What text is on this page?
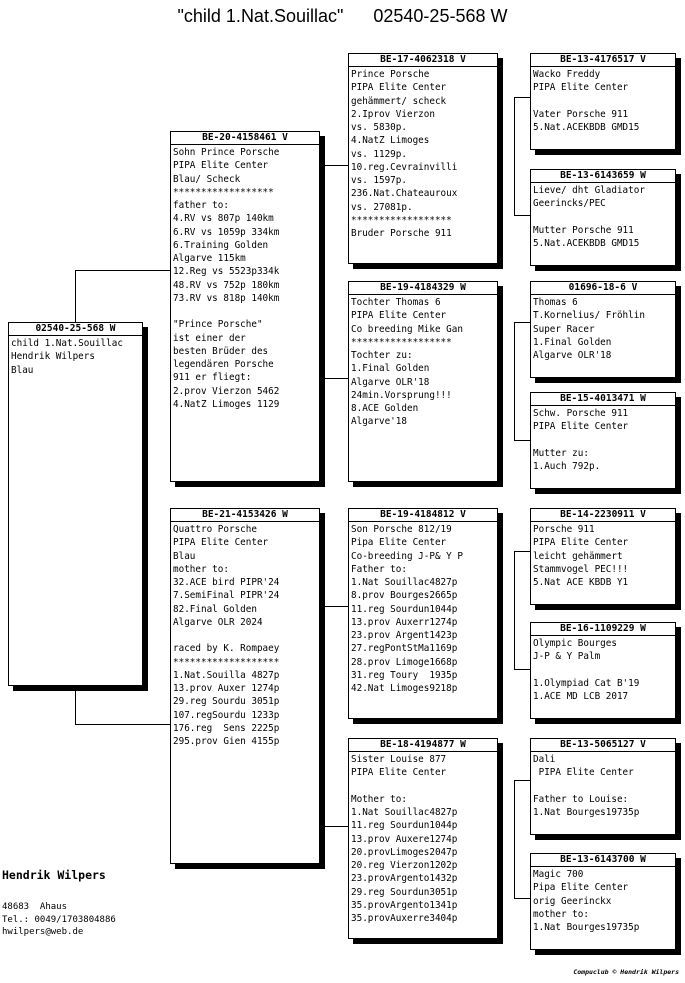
"child 1.Nat.Souillac"      02540-25-568 W
02540-25-568 W
child 1.Nat.Souillac
Hendrik Wilpers
Blau
BE-20-4158461 V
Sohn Prince Porsche
PIPA Elite Center
Blau/ Scheck
******************
father to:
4.RV vs 807p 140km
6.RV vs 1059p 334km
6.Training Golden
Algarve 115km
12.Reg vs 5523p334k
48.RV vs 752p 180km
73.RV vs 818p 140km
"Prince Porsche"
ist einer der
besten Brüder des
legendären Porsche
911 er fliegt:
2.prov Vierzon 5462
4.NatZ Limoges 1129
BE-21-4153426 W
Quattro Porsche
PIPA Elite Center
Blau
mother to:
32.ACE bird PIPR'24
7.SemiFinal PIPR'24
82.Final Golden
Algarve OLR 2024
raced by K. Rompaey
*******************
1.Nat.Souilla 4827p
13.prov Auxer 1274p
29.reg Sourdu 3051p
107.regSourdu 1233p
176.reg  Sens 2225p
295.prov Gien 4155p
BE-17-4062318 V
Prince Porsche
PIPA Elite Center
gehämmert/ scheck
2.Iprov Vierzon
vs. 5830p.
4.NatZ Limoges
vs. 1129p.
10.reg.Cevrainvilli
vs. 1597p.
236.Nat.Chateauroux
vs. 27081p.
******************
Bruder Porsche 911
BE-19-4184329 W
Tochter Thomas 6
PIPA Elite Center
Co breeding Mike Gan
******************
Tochter zu:
1.Final Golden
Algarve OLR'18
24min.Vorsprung!!!
8.ACE Golden
Algarve'18
BE-19-4184812 V
Son Porsche 812/19
Pipa Elite Center
Co-breeding J-P& Y P
Father to:
1.Nat Souillac4827p
8.prov Bourges2665p
11.reg Sourdun1044p
13.prov Auxerr1274p
23.prov Argent1423p
27.regPontStMa1169p
28.prov Limoge1668p
31.reg Toury  1935p
42.Nat Limoges9218p
BE-18-4194877 W
Sister Louise 877
PIPA Elite Center
Mother to:
1.Nat Souillac4827p
11.reg Sourdun1044p
13.prov Auxere1274p
20.provLimoges2047p
20.reg Vierzon1202p
23.provArgento1432p
29.reg Sourdun3051p
35.provArgento1341p
35.provAuxerre3404p
BE-13-4176517 V
Wacko Freddy
PIPA Elite Center
Vater Porsche 911
5.Nat.ACEKBDB GMD15
BE-13-6143659 W
Lieve/ dht Gladiator
Geerincks/PEC
Mutter Porsche 911
5.Nat.ACEKBDB GMD15
01696-18-6 V
Thomas 6
T.Kornelius/ Fröhlin
Super Racer
1.Final Golden
Algarve OLR'18
BE-15-4013471 W
Schw. Porsche 911
PIPA Elite Center
Mutter zu:
1.Auch 792p.
BE-14-2230911 V
Porsche 911
PIPA Elite Center
leicht gehämmert
Stammvogel PEC!!!
5.Nat ACE KBDB Y1
BE-16-1109229 W
Olympic Bourges
J-P & Y Palm
1.Olympiad Cat B'19
1.ACE MD LCB 2017
BE-13-5065127 V
Dali
PIPA Elite Center
Father to Louise:
1.Nat Bourges19735p
BE-13-6143700 W
Magic 700
Pipa Elite Center
orig Geerinckx
mother to:
1.Nat Bourges19735p
Hendrik Wilpers
48683  Ahaus
Tel.: 0049/1703804886
hwilpers@web.de
Compuclub © Hendrik Wilpers
